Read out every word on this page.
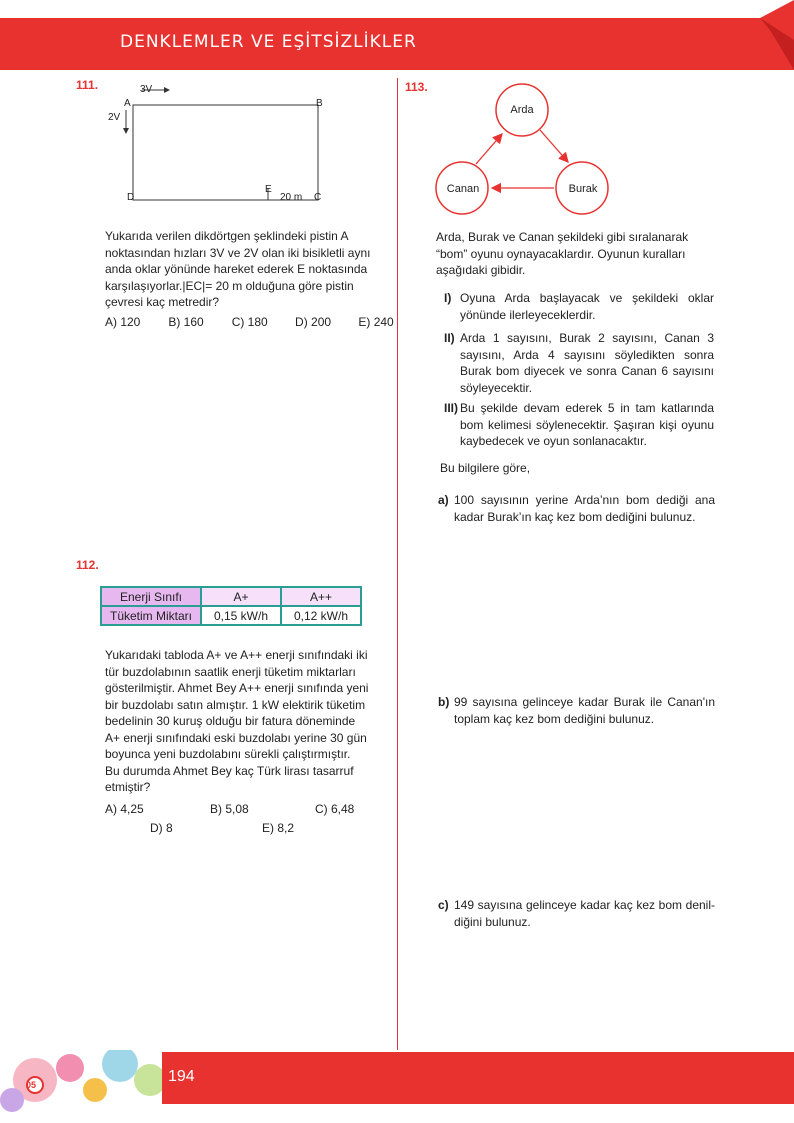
DENKLEMLER VE EŞİTSİZLİKLER
111.
A
3V
2V
B
D
E
20 m C
Yukarıda verilen dikdörtgen şeklindeki pistin A
noktasından hızları 3V ve 2V olan iki bisikletli aynı
anda oklar yönünde hareket ederek E noktasında
karşılaşıyorlar.|EC|= 20 m olduğuna göre pistin
çevresi kaç metredir?
A) 120 B) 160 C) 180 D) 200 E) 240
112.
Enerji Sınıfı	A+	A++
Tüketim Miktarı	0,15 kW/h	0,12 kW/h
Yukarıdaki tabloda A+ ve A++ enerji sınıfındaki iki
tür buzdolabının saatlik enerji tüketim miktarları
gösterilmiştir. Ahmet Bey A++ enerji sınıfında yeni
bir buzdolabı satın almıştır. 1 kW elektirik tüketim
bedelinin 30 kuruş olduğu bir fatura döneminde
A+ enerji sınıfındaki eski buzdolabı yerine 30 gün
boyunca yeni buzdolabını sürekli çalıştırmıştır.
Bu durumda Ahmet Bey kaç Türk lirası tasarruf
etmiştir?
A) 4,25	B) 5,08	C) 6,48
D) 8	E) 8,2
113.
Arda
Canan	Burak
Arda, Burak ve Canan şekildeki gibi sıralanarak
“bom” oyunu oynayacaklardır. Oyunun kuralları
aşağıdaki gibidir.
I) Oyuna Arda başlayacak ve şekildeki oklar yönünde ilerleyeceklerdir.
II) Arda 1 sayısını, Burak 2 sayısını, Canan 3 sayısını, Arda 4 sayısını söyledikten sonra Burak bom diyecek ve sonra Canan 6 sayısını söyleyecektir.
III) Bu şekilde devam ederek 5 in tam katlarında bom kelimesi söylenecektir. Şaşıran kişi oyunu kaybedecek ve oyun sonlanacaktır.
Bu bilgilere göre,
a) 100 sayısının yerine Arda’nın bom dediği ana kadar Burak’ın kaç kez bom dediğini bulunuz.
b) 99 sayısına gelinceye kadar Burak ile Canan'ın toplam kaç kez bom dediğini bulunuz.
c) 149 sayısına gelinceye kadar kaç kez bom denil-diğini bulunuz.
05	194
